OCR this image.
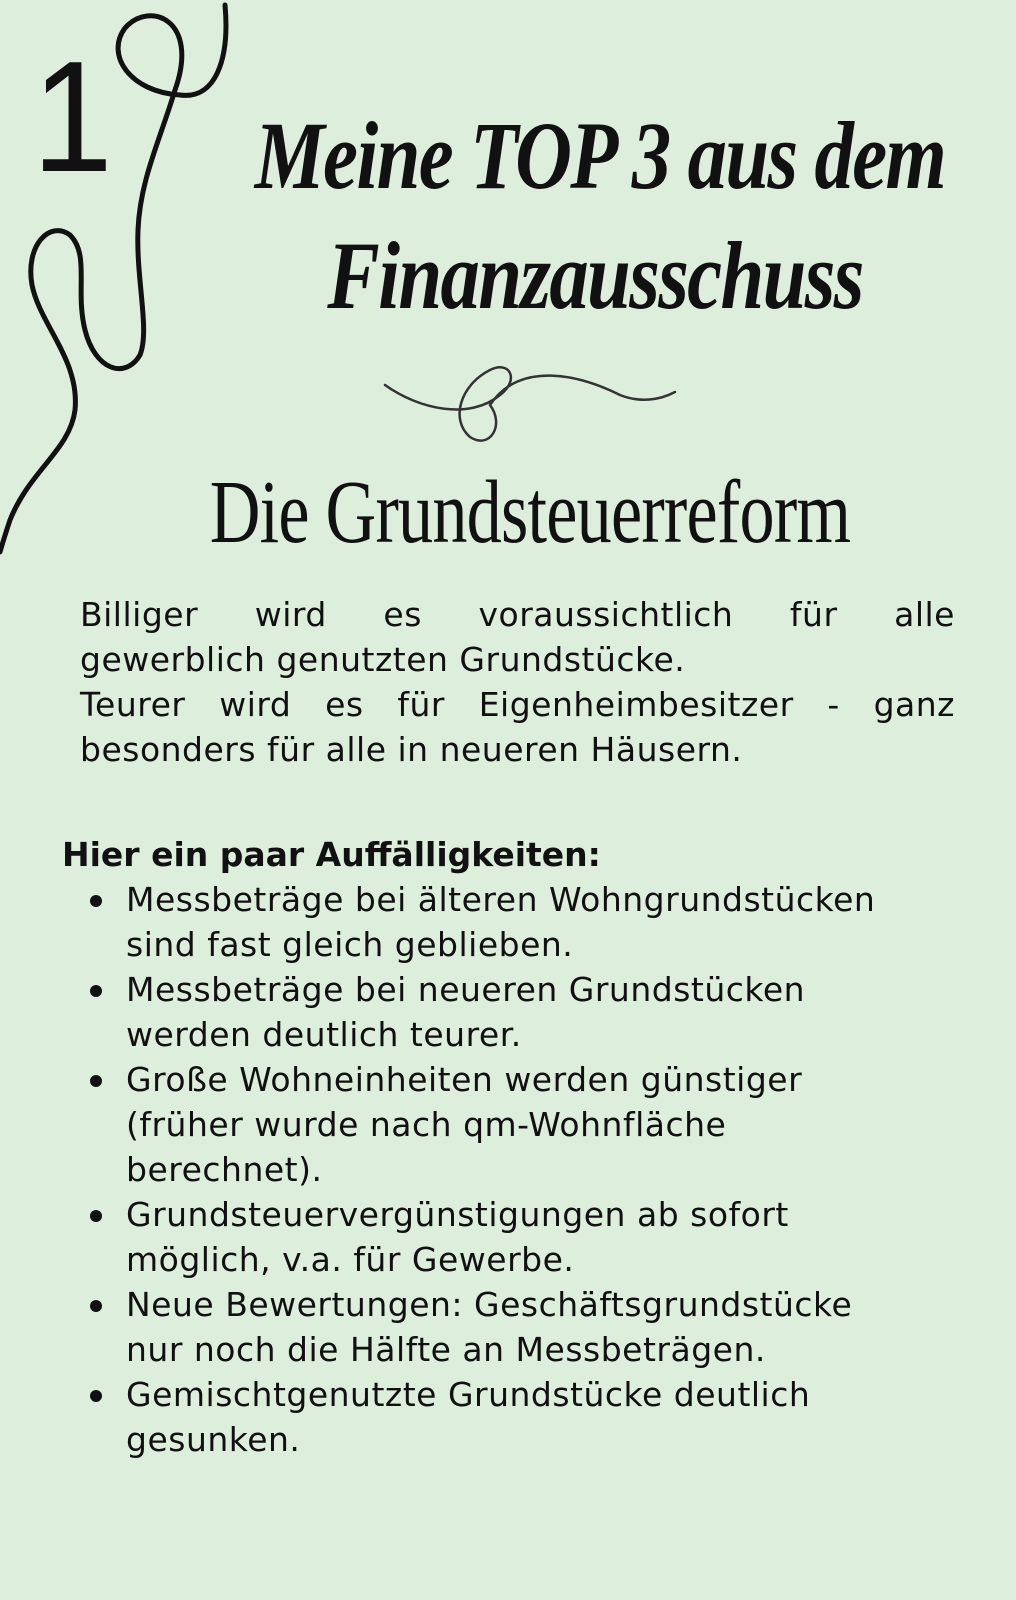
1 Meine TOP 3 aus dem
Finanzausschuss
Die Grundsteuerreform

Billiger wird es voraussichtlich für alle

gewerblich genutzten Grundstücke.

Teurer wird es für Eigenheimbesitzer - ganz besonders für alle in neueren Häusern.

Hier ein paar Auffälligkeiten:
Messbeträge bei älteren Wohngrundstücken sind fast gleich geblieben.
Messbeträge bei neueren Grundstücken werden deutlich teurer.
Große Wohneinheiten werden günstiger (früher wurde nach qm-Wohnfläche berechnet).
Grundsteuervergünstigungen ab sofort möglich, v.a. für Gewerbe.
Neue Bewertungen: Geschäftsgrundstücke nur noch die Hälfte an Messbeträgen.
Gemischtgenutzte Grundstücke deutlich gesunken.
